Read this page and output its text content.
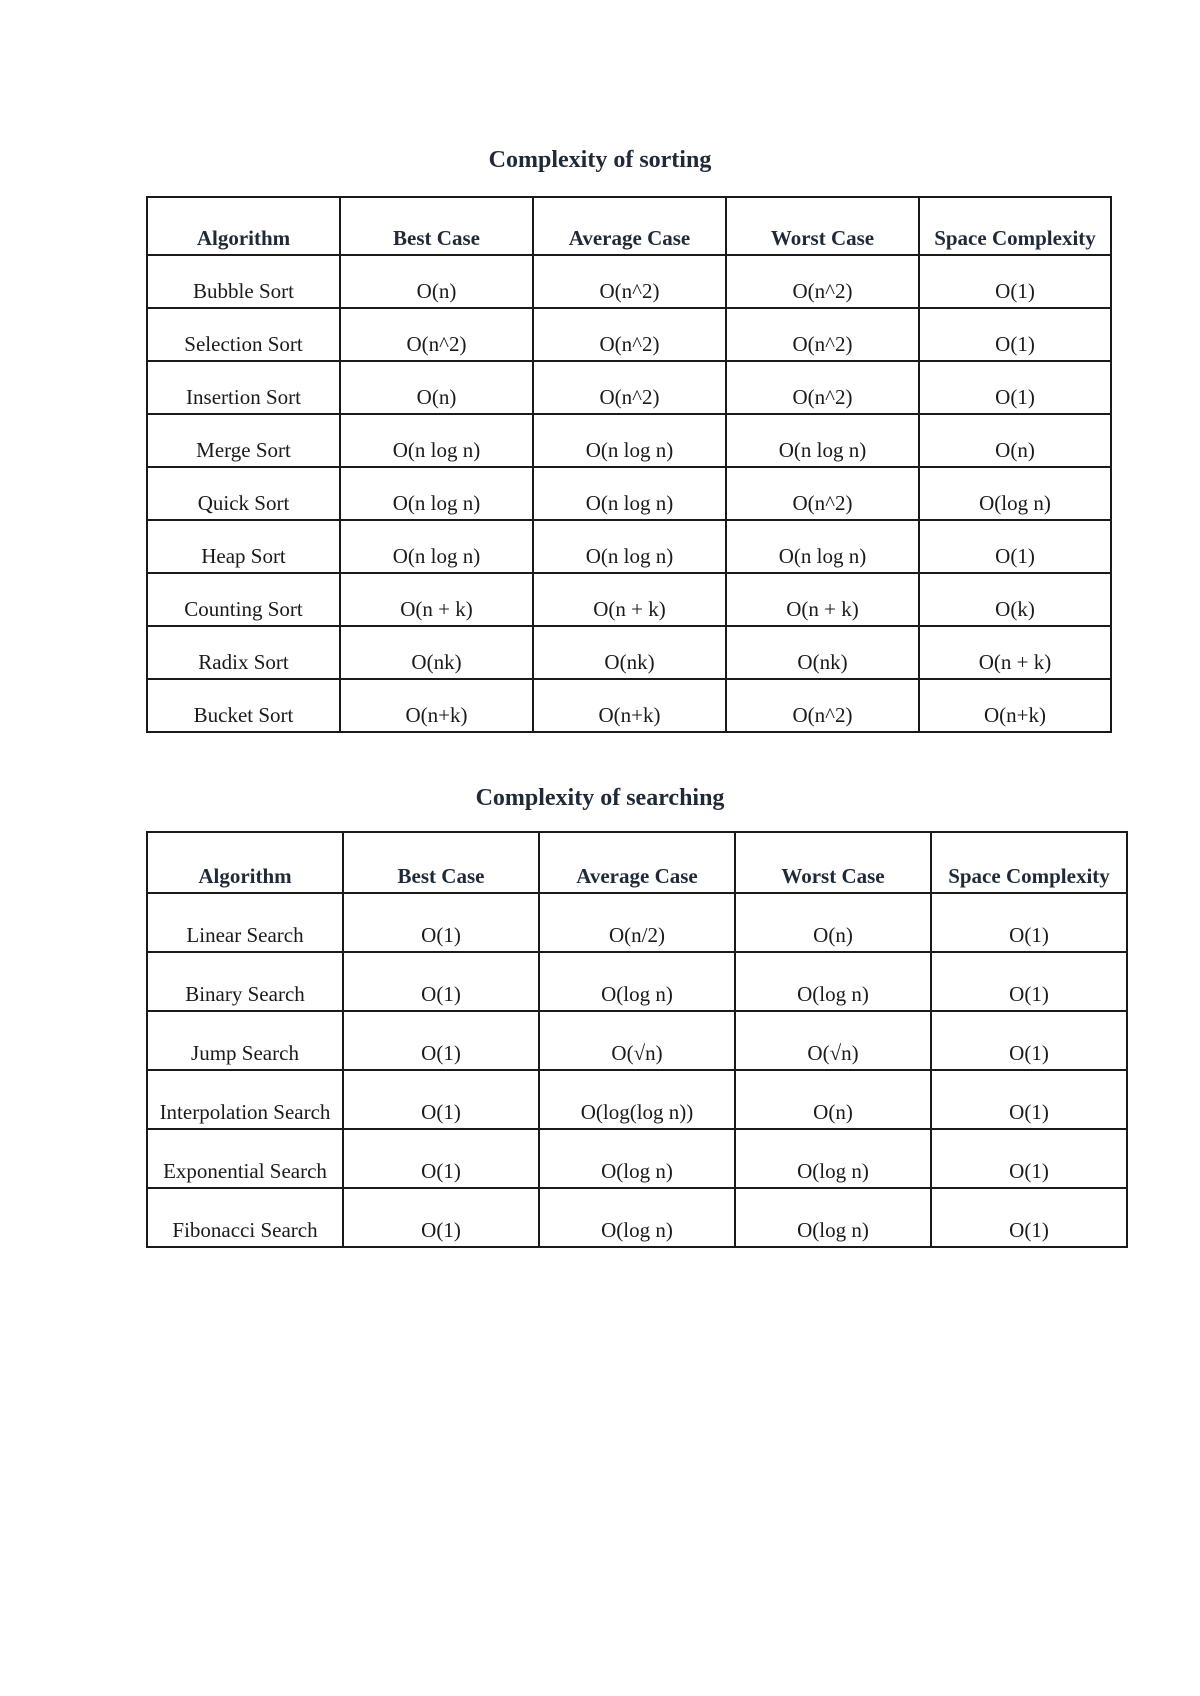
Complexity of sorting
Algorithm	Best Case	Average Case	Worst Case	Space Complexity
Bubble Sort	O(n)	O(n^2)	O(n^2)	O(1)
Selection Sort	O(n^2)	O(n^2)	O(n^2)	O(1)
Insertion Sort	O(n)	O(n^2)	O(n^2)	O(1)
Merge Sort	O(n log n)	O(n log n)	O(n log n)	O(n)
Quick Sort	O(n log n)	O(n log n)	O(n^2)	O(log n)
Heap Sort	O(n log n)	O(n log n)	O(n log n)	O(1)
Counting Sort	O(n + k)	O(n + k)	O(n + k)	O(k)
Radix Sort	O(nk)	O(nk)	O(nk)	O(n + k)
Bucket Sort	O(n+k)	O(n+k)	O(n^2)	O(n+k)
Complexity of searching
Algorithm	Best Case	Average Case	Worst Case	Space Complexity
Linear Search	O(1)	O(n/2)	O(n)	O(1)
Binary Search	O(1)	O(log n)	O(log n)	O(1)
Jump Search	O(1)	O(√n)	O(√n)	O(1)
Interpolation Search	O(1)	O(log(log n))	O(n)	O(1)
Exponential Search	O(1)	O(log n)	O(log n)	O(1)
Fibonacci Search	O(1)	O(log n)	O(log n)	O(1)
